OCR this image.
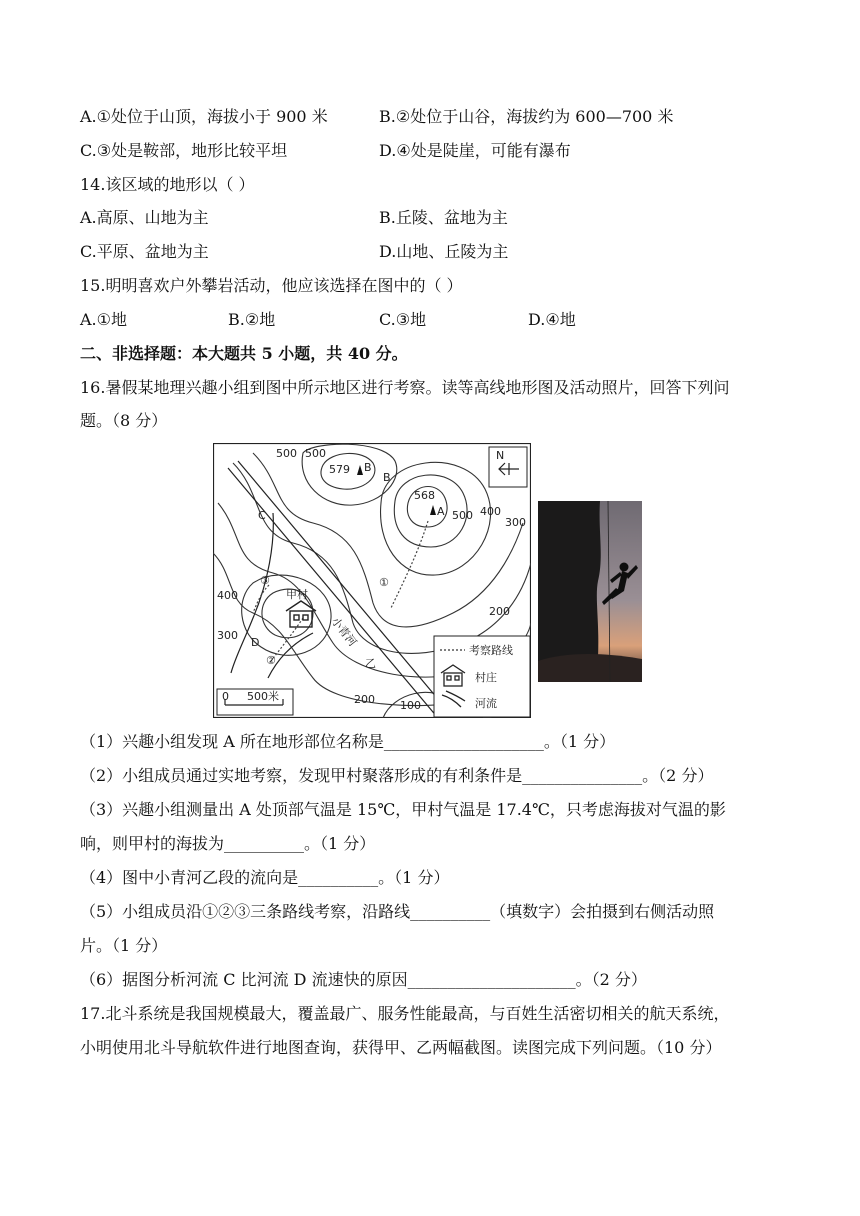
A.①处位于山顶，海拔小于 900 米	B.②处位于山谷，海拔约为 600—700 米
C.③处是鞍部，地形比较平坦	D.④处是陡崖，可能有瀑布
14.该区域的地形以（ ）
A.高原、山地为主	B.丘陵、盆地为主
C.平原、盆地为主	D.山地、丘陵为主
15.明明喜欢户外攀岩活动，他应该选择在图中的（ ）
A.①地	B.②地	C.③地	D.④地
二、非选择题：本大题共 5 小题，共 40 分。
16.暑假某地理兴趣小组到图中所示地区进行考察。读等高线地形图及活动照片，回答下列问
题。（8 分）
500 500
579 B
B
568
A 500 400
300
N
C
①
③
甲村
小青河
乙
400
300
200
D
②
200 100
0 500米
考察路线
村庄
河流
（1）兴趣小组发现 A 所在地形部位名称是____________________。（1 分）
（2）小组成员通过实地考察，发现甲村聚落形成的有利条件是_______________。（2 分）
（3）兴趣小组测量出 A 处顶部气温是 15℃，甲村气温是 17.4℃，只考虑海拔对气温的影
响，则甲村的海拔为__________。（1 分）
（4）图中小青河乙段的流向是__________。（1 分）
（5）小组成员沿①②③三条路线考察，沿路线__________（填数字）会拍摄到右侧活动照
片。（1 分）
（6）据图分析河流 C 比河流 D 流速快的原因_____________________。（2 分）
17.北斗系统是我国规模最大，覆盖最广、服务性能最高，与百姓生活密切相关的航天系统，
小明使用北斗导航软件进行地图查询，获得甲、乙两幅截图。读图完成下列问题。（10 分）
